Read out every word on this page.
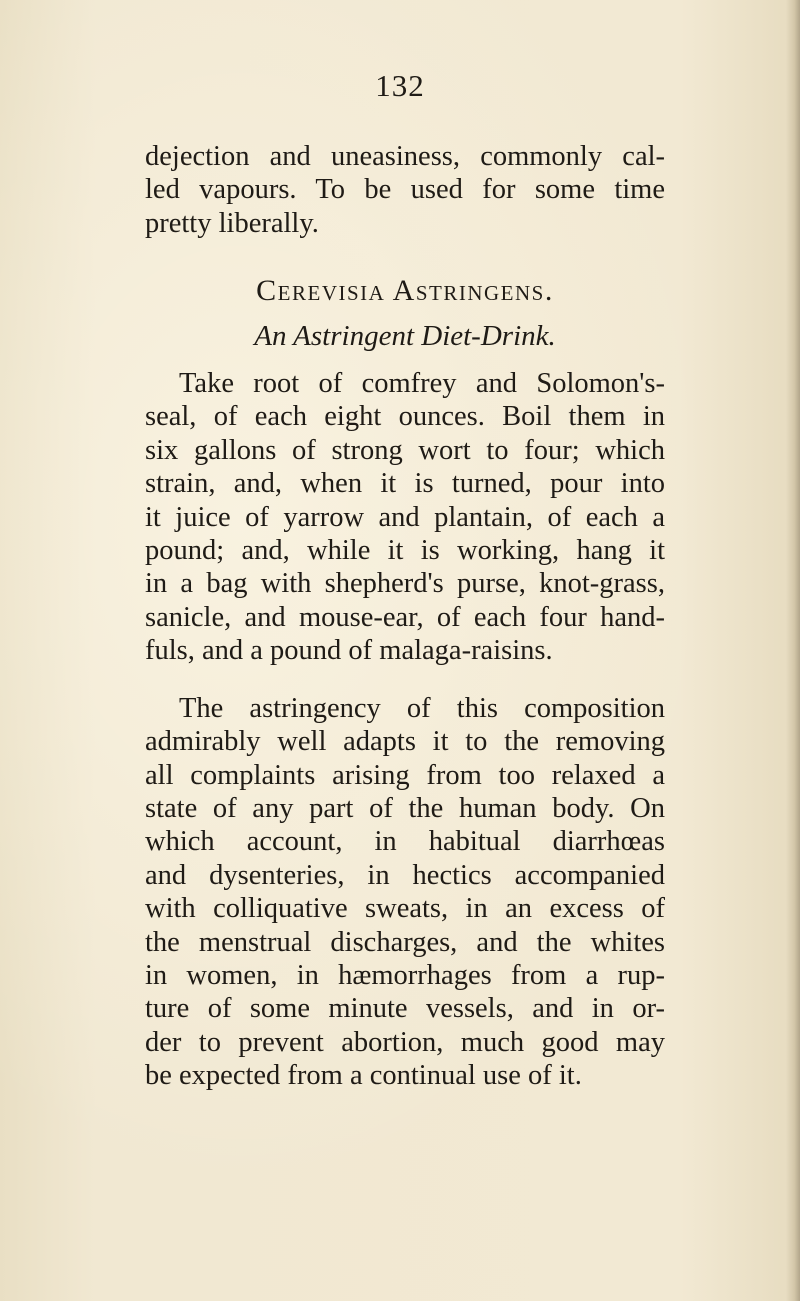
132
dejection and uneasiness, commonly cal-
led vapours. To be used for some time
pretty liberally.
Cerevisia Astringens.
An Astringent Diet-Drink.
Take root of comfrey and Solomon's-
seal, of each eight ounces. Boil them in
six gallons of strong wort to four; which
strain, and, when it is turned, pour into
it juice of yarrow and plantain, of each a
pound; and, while it is working, hang it
in a bag with shepherd's purse, knot-grass,
sanicle, and mouse-ear, of each four hand-
fuls, and a pound of malaga-raisins.
The astringency of this composition
admirably well adapts it to the removing
all complaints arising from too relaxed a
state of any part of the human body. On
which account, in habitual diarrhœas
and dysenteries, in hectics accompanied
with colliquative sweats, in an excess of
the menstrual discharges, and the whites
in women, in hæmorrhages from a rup-
ture of some minute vessels, and in or-
der to prevent abortion, much good may
be expected from a continual use of it.
